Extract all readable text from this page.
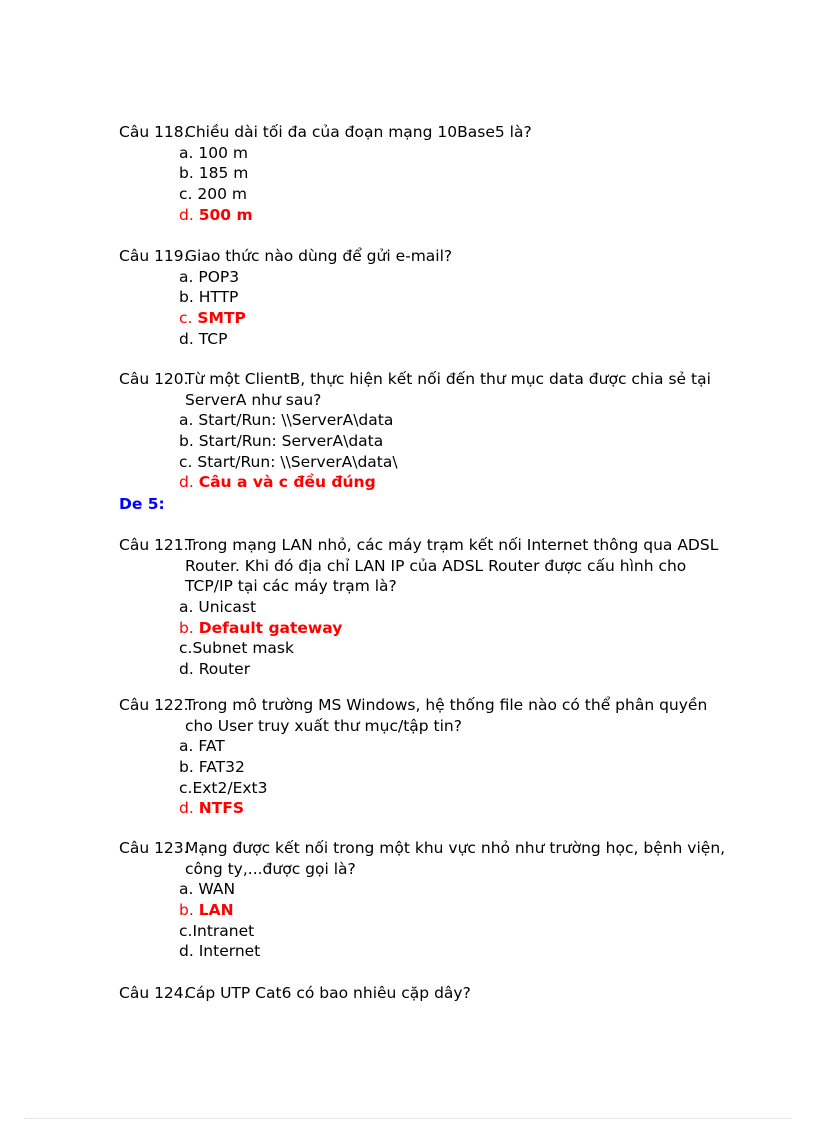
Câu 118.
Chiều dài tối đa của đoạn mạng 10Base5 là?
a. 100 m
b. 185 m
c. 200 m
d. 500 m
Câu 119.
Giao thức nào dùng để gửi e-mail?
a. POP3
b. HTTP
c. SMTP
d. TCP
Câu 120.
Từ một ClientB, thực hiện kết nối đến thư mục data được chia sẻ tại
ServerA như sau?
a. Start/Run: \\ServerA\data
b. Start/Run: ServerA\data
c. Start/Run: \\ServerA\data\
d. Câu a và c đều đúng
De 5:
Câu 121.
Trong mạng LAN nhỏ, các máy trạm kết nối Internet thông qua ADSL
Router. Khi đó địa chỉ LAN IP của ADSL Router được cấu hình cho
TCP/IP tại các máy trạm là?
a. Unicast
b. Default gateway
c.Subnet mask
d. Router
Câu 122.
Trong mô trường MS Windows, hệ thống file nào có thể phân quyền
cho User truy xuất thư mục/tập tin?
a. FAT
b. FAT32
c.Ext2/Ext3
d. NTFS
Câu 123.
Mạng được kết nối trong một khu vực nhỏ như trường học, bệnh viện,
công ty,...được gọi là?
a. WAN
b. LAN
c.Intranet
d. Internet
Câu 124.
Cáp UTP Cat6 có bao nhiêu cặp dây?
